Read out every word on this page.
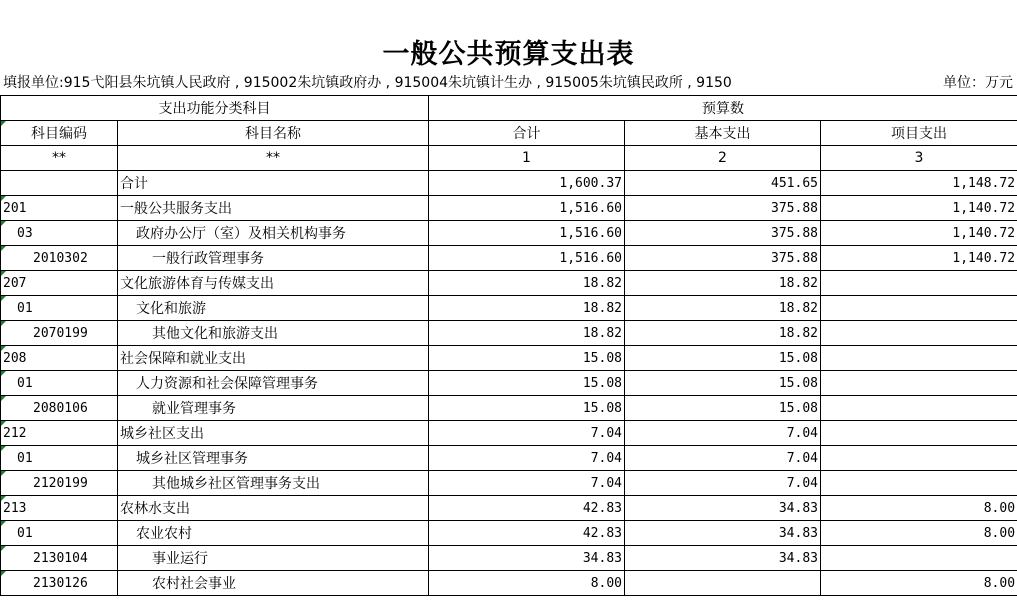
一般公共预算支出表
填报单位:915弋阳县朱坑镇人民政府 , 915002朱坑镇政府办 , 915004朱坑镇计生办 , 915005朱坑镇民政所 , 9150	单位：万元
支出功能分类科目		预算数		

科目编码	科目名称	合计	基本支出	项目支出
**	**	1	2	3
	合计	1,600.37	451.65	1,148.72

201	一般公共服务支出	1,516.60	375.88	1,140.72

03	政府办公厅（室）及相关机构事务	1,516.60	375.88	1,140.72

2010302	一般行政管理事务	1,516.60	375.88	1,140.72

207	文化旅游体育与传媒支出	18.82	18.82	

01	文化和旅游	18.82	18.82	

2070199	其他文化和旅游支出	18.82	18.82	

208	社会保障和就业支出	15.08	15.08	

01	人力资源和社会保障管理事务	15.08	15.08	

2080106	就业管理事务	15.08	15.08	

212	城乡社区支出	7.04	7.04	

01	城乡社区管理事务	7.04	7.04	

2120199	其他城乡社区管理事务支出	7.04	7.04	

213	农林水支出	42.83	34.83	8.00

01	农业农村	42.83	34.83	8.00

2130104	事业运行	34.83	34.83	

2130126	农村社会事业	8.00		8.00
